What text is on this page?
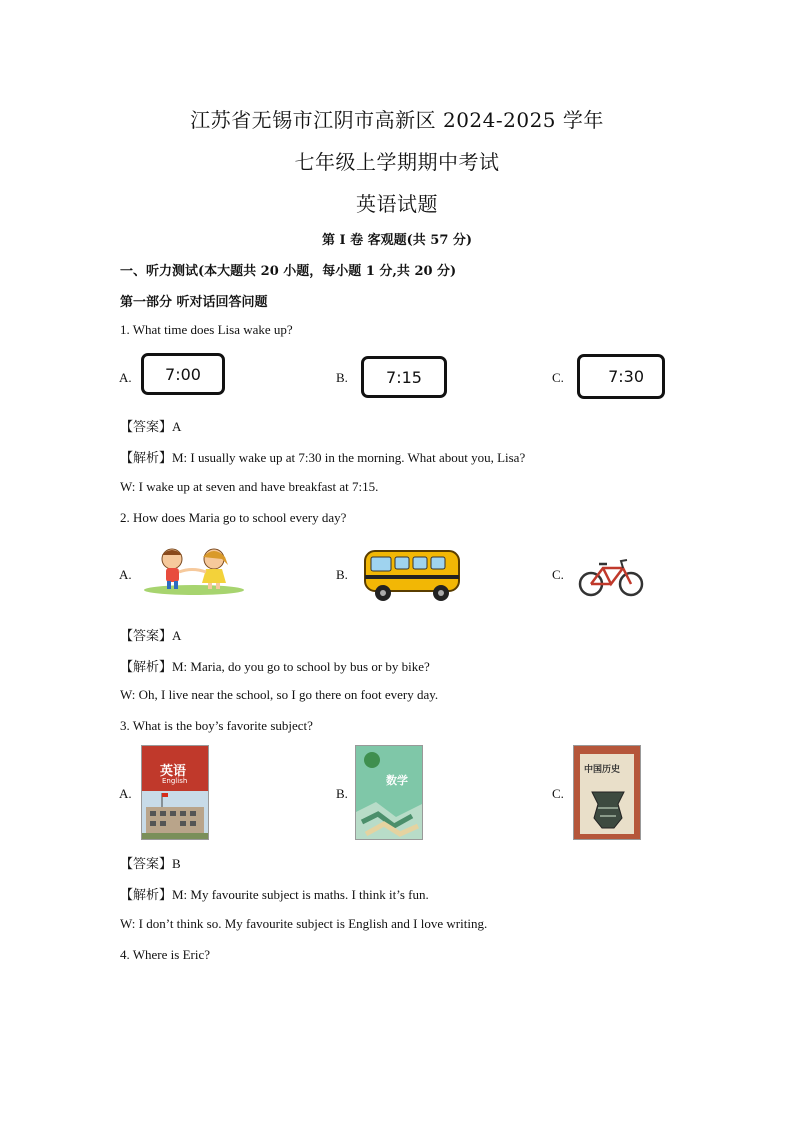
江苏省无锡市江阴市高新区 2024-2025 学年
七年级上学期期中考试
英语试题
第 I 卷 客观题(共 57 分)
一、听力测试(本大题共 20 小题，每小题 1 分,共 20 分)
第一部分 听对话回答问题
1. What time does Lisa wake up?
A.	7:00	B.	7:15	C.	7:30
【答案】A
【解析】M: I usually wake up at 7:30 in the morning. What about you, Lisa?
W: I wake up at seven and have breakfast at 7:15.
2. How does Maria go to school every day?
A.	B.	C.
【答案】A
【解析】M: Maria, do you go to school by bus or by bike?
W: Oh, I live near the school, so I go there on foot every day.
3. What is the boy’s favorite subject?
A.
英语
English
B.
数学
C.
中国历史
【答案】B
【解析】M: My favourite subject is maths. I think it’s fun.
W: I don’t think so. My favourite subject is English and I love writing.
4. Where is Eric?
